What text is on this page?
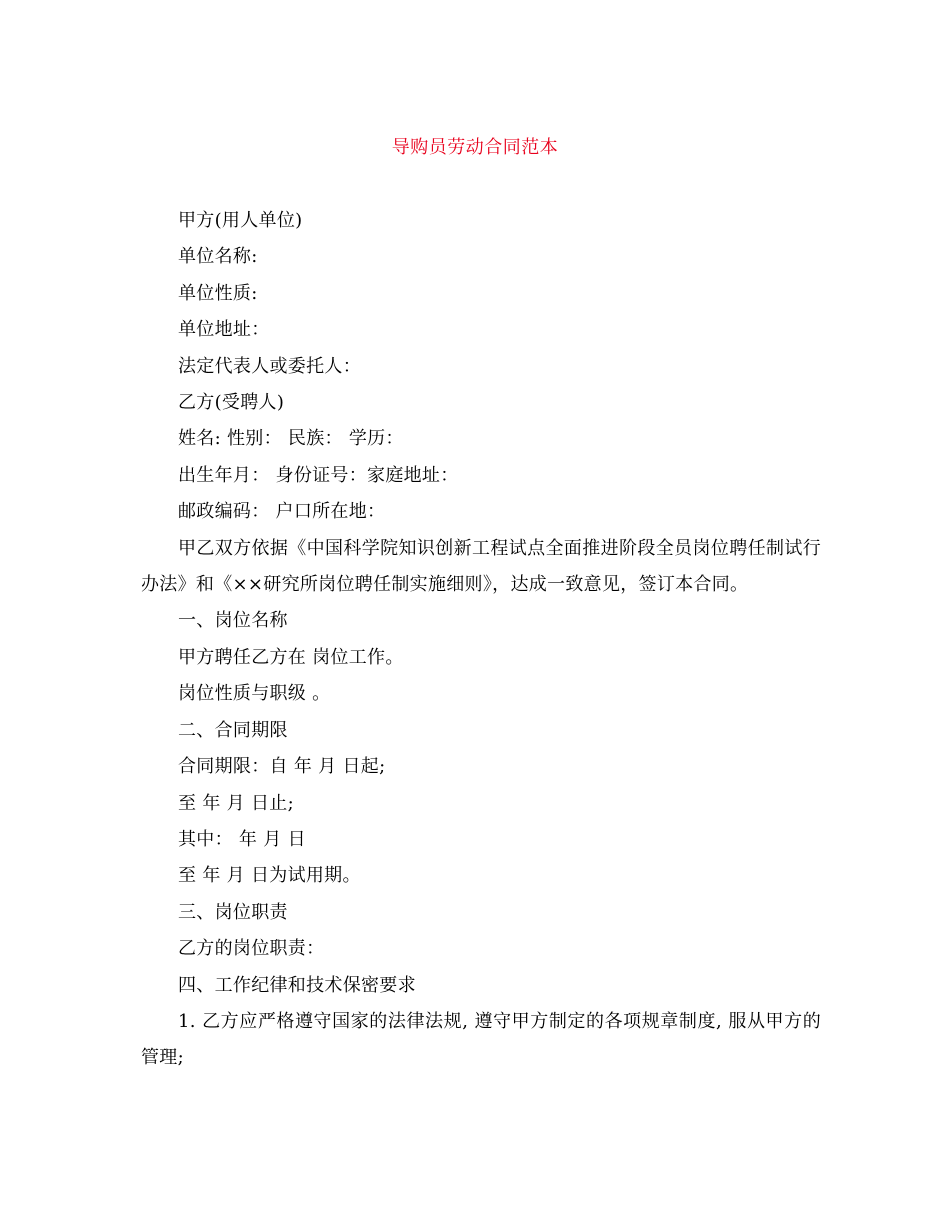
导购员劳动合同范本

甲方(用人单位)

单位名称:

单位性质:

单位地址：

法定代表人或委托人：

乙方(受聘人)

姓名: 性别： 民族： 学历：

出生年月： 身份证号：家庭地址：

邮政编码： 户口所在地：

甲乙双方依据《中国科学院知识创新工程试点全面推进阶段全员岗位聘任制试行办法》和《××研究所岗位聘任制实施细则》，达成一致意见，签订本合同。

一、岗位名称

甲方聘任乙方在 岗位工作。

岗位性质与职级 。

二、合同期限

合同期限：自 年 月 日起;

至 年 月 日止;

其中： 年 月 日

至 年 月 日为试用期。

三、岗位职责

乙方的岗位职责：

四、工作纪律和技术保密要求

1. 乙方应严格遵守国家的法律法规, 遵守甲方制定的各项规章制度, 服从甲方的管理;
